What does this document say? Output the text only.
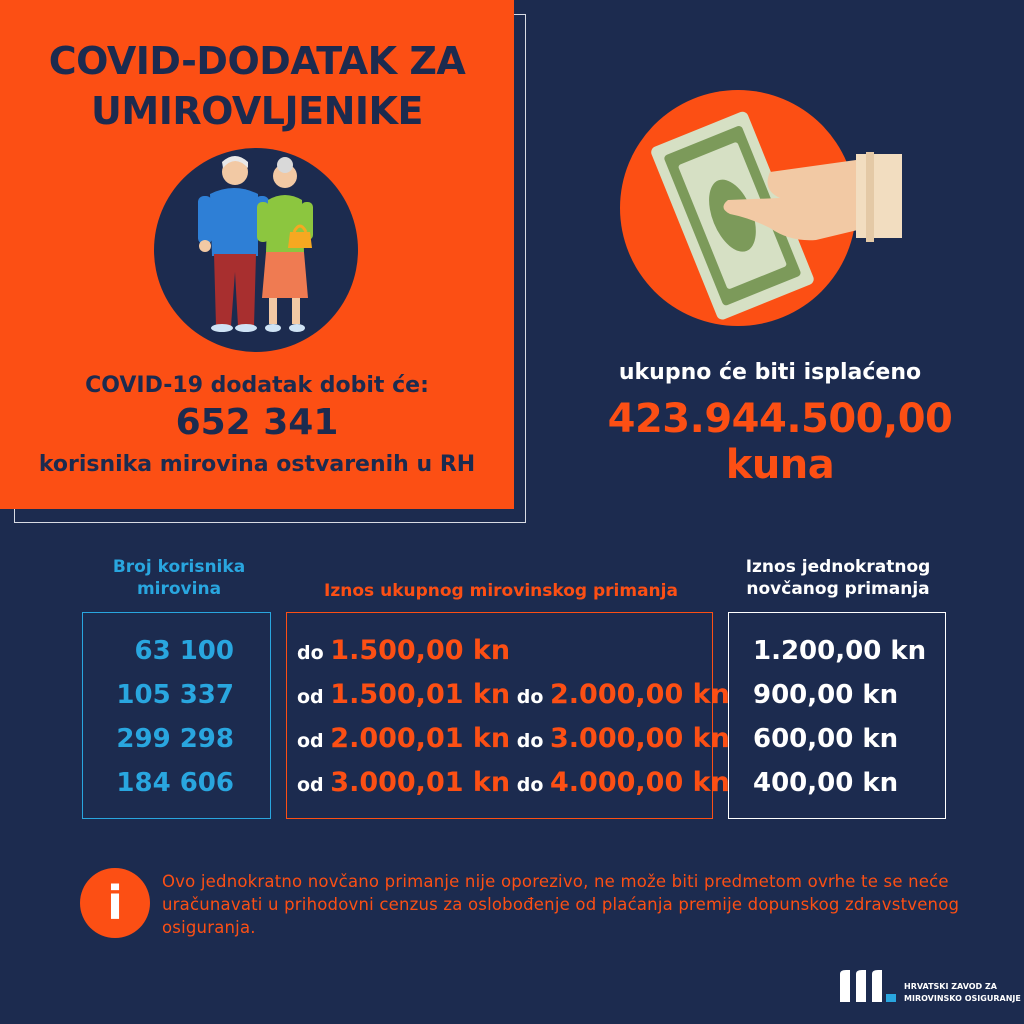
COVID-DODATAK ZA
UMIROVLJENIKE
COVID-19 dodatak dobit će:
652 341
korisnika mirovina ostvarenih u RH
ukupno će biti isplaćeno
423.944.500,00 kuna
Broj korisnika mirovina	Iznos ukupnog mirovinskog primanja
Iznos jednokratnog novčanog primanja
63 100
105 337
299 298
184 606
do 1.500,00 kn
od 1.500,01 kn do 2.000,00 kn
od 2.000,01 kn do 3.000,00 kn
od 3.000,01 kn do 4.000,00 kn
1.200,00 kn
900,00 kn
600,00 kn
400,00 kn
i	Ovo jednokratno novčano primanje nije oporezivo, ne može biti predmetom ovrhe te se neće uračunavati u prihodovni cenzus za oslobođenje od plaćanja premije dopunskog zdravstvenog osiguranja.
HRVATSKI ZAVOD ZA
MIROVINSKO OSIGURANJE
